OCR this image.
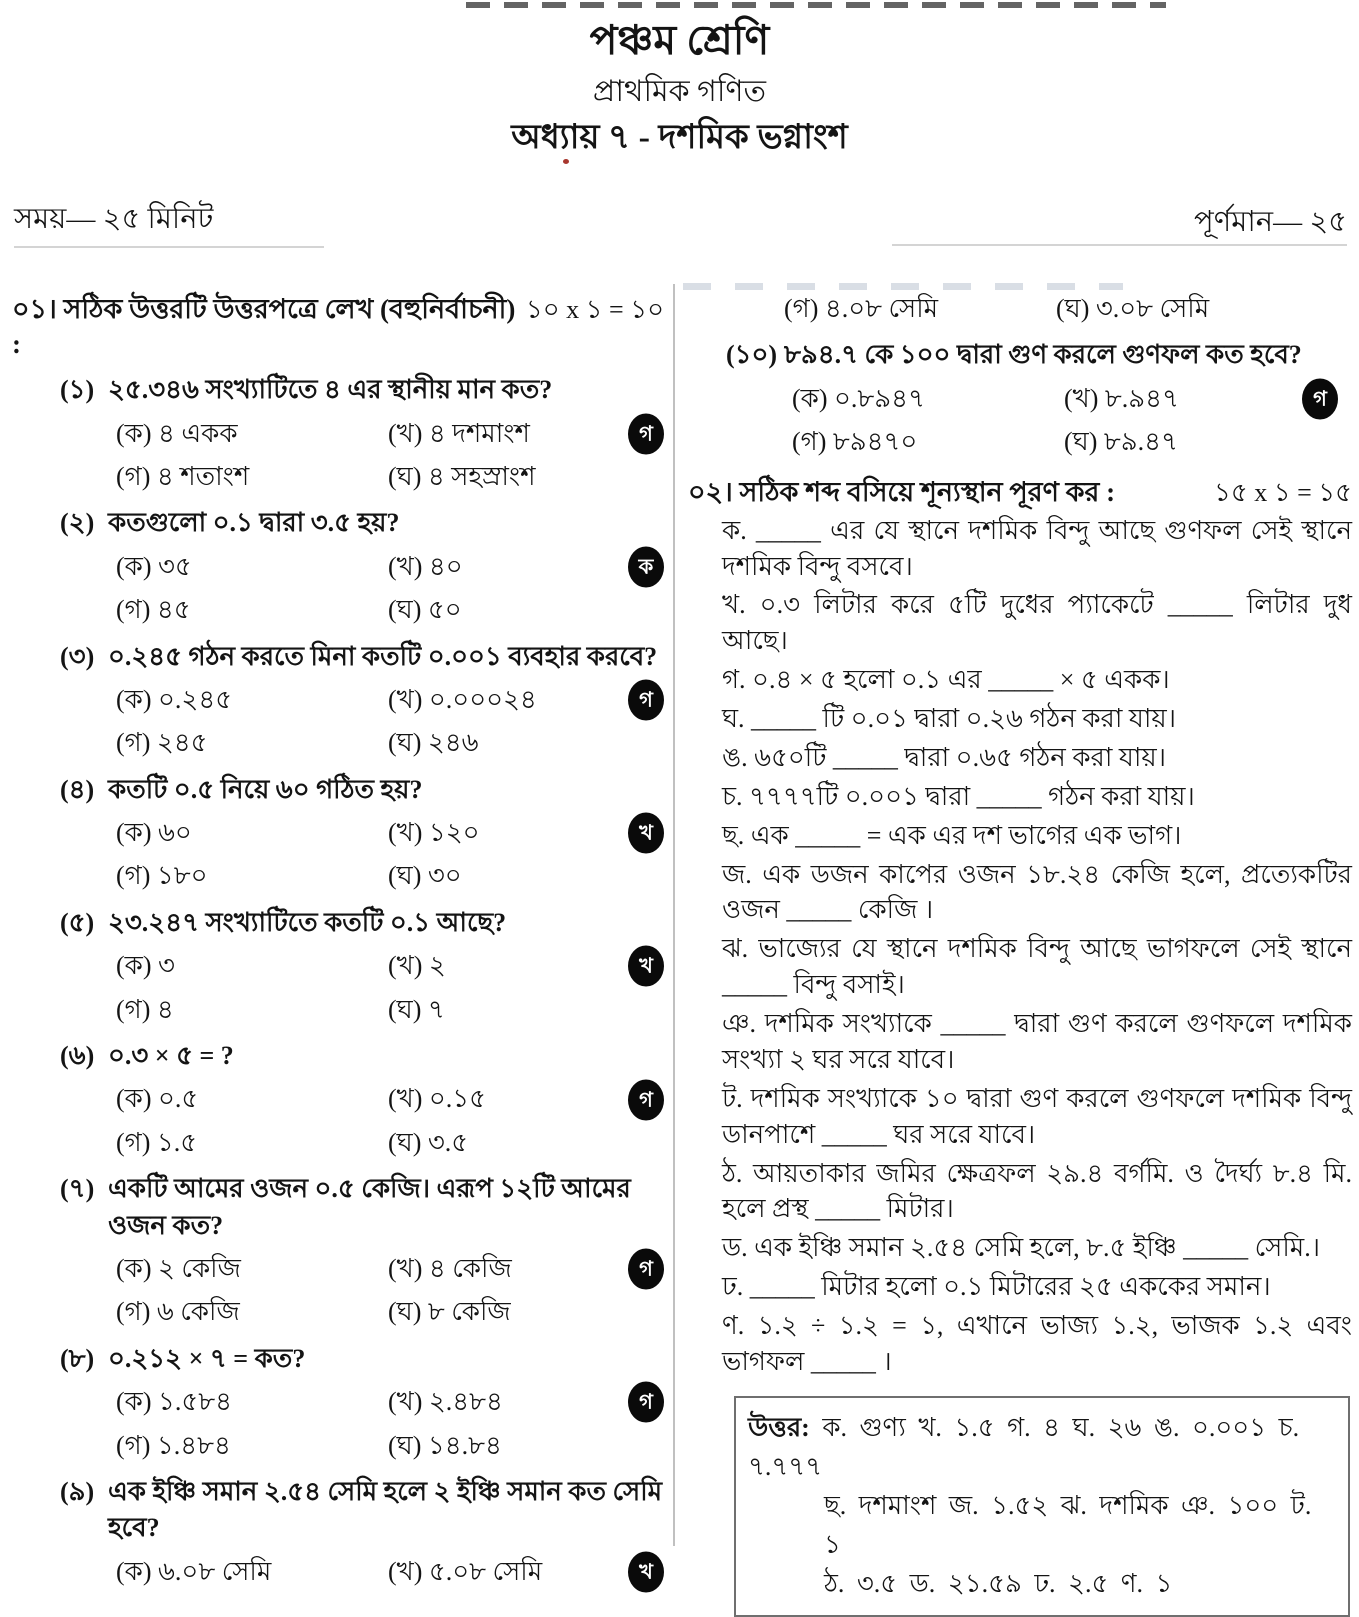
পঞ্চম শ্রেণি
প্রাথমিক গণিত
অধ্যায় ৭ - দশমিক ভগ্নাংশ
সময়— ২৫ মিনিট	পূর্ণমান— ২৫
০১। সঠিক উত্তরটি উত্তরপত্রে লেখ (বহুনির্বাচনী) :
১০ x ১ = ১০
(১) ২৫.৩৪৬ সংখ্যাটিতে ৪ এর স্থানীয় মান কত?
(ক) ৪ একক	(খ) ৪ দশমাংশ	গ
(গ) ৪ শতাংশ	(ঘ) ৪ সহস্রাংশ
(২) কতগুলো ০.১ দ্বারা ৩.৫ হয়?
(ক) ৩৫	(খ) ৪০	ক
(গ) ৪৫	(ঘ) ৫০
(৩) ০.২৪৫ গঠন করতে মিনা কতটি ০.০০১ ব্যবহার করবে?
(ক) ০.২৪৫	(খ) ০.০০০২৪	গ
(গ) ২৪৫	(ঘ) ২৪৬
(৪) কতটি ০.৫ নিয়ে ৬০ গঠিত হয়?
(ক) ৬০	(খ) ১২০	খ
(গ) ১৮০	(ঘ) ৩০
(৫) ২৩.২৪৭ সংখ্যাটিতে কতটি ০.১ আছে?
(ক) ৩	(খ) ২	খ
(গ) ৪	(ঘ) ৭
(৬) ০.৩ × ৫ = ?
(ক) ০.৫	(খ) ০.১৫	গ
(গ) ১.৫	(ঘ) ৩.৫
(৭) একটি আমের ওজন ০.৫ কেজি। এরূপ ১২টি আমের ওজন কত?
(ক) ২ কেজি	(খ) ৪ কেজি	গ
(গ) ৬ কেজি	(ঘ) ৮ কেজি
(৮) ০.২১২ × ৭ = কত?
(ক) ১.৫৮৪	(খ) ২.৪৮৪	গ
(গ) ১.৪৮৪	(ঘ) ১৪.৮৪
(৯) এক ইঞ্চি সমান ২.৫৪ সেমি হলে ২ ইঞ্চি সমান কত সেমি হবে?
(ক) ৬.০৮ সেমি	(খ) ৫.০৮ সেমি	খ
(গ) ৪.০৮ সেমি	(ঘ) ৩.০৮ সেমি
(১০) ৮৯৪.৭ কে ১০০ দ্বারা গুণ করলে গুণফল কত হবে?
(ক) ০.৮৯৪৭	(খ) ৮.৯৪৭	গ
(গ) ৮৯৪৭০	(ঘ) ৮৯.৪৭
০২। সঠিক শব্দ বসিয়ে শূন্যস্থান পূরণ কর :	১৫ x ১ = ১৫
ক. _____ এর যে স্থানে দশমিক বিন্দু আছে গুণফল সেই স্থানে দশমিক বিন্দু বসবে।
খ. ০.৩ লিটার করে ৫টি দুধের প্যাকেটে _____ লিটার দুধ আছে।
গ. ০.৪ × ৫ হলো ০.১ এর _____ × ৫ একক।
ঘ. _____ টি ০.০১ দ্বারা ০.২৬ গঠন করা যায়।
ঙ. ৬৫০টি _____ দ্বারা ০.৬৫ গঠন করা যায়।
চ. ৭৭৭৭টি ০.০০১ দ্বারা _____ গঠন করা যায়।
ছ. এক _____ = এক এর দশ ভাগের এক ভাগ।
জ. এক ডজন কাপের ওজন ১৮.২৪ কেজি হলে, প্রত্যেকটির ওজন _____ কেজি ।
ঝ. ভাজ্যের যে স্থানে দশমিক বিন্দু আছে ভাগফলে সেই স্থানে _____ বিন্দু বসাই।
ঞ. দশমিক সংখ্যাকে _____ দ্বারা গুণ করলে গুণফলে দশমিক সংখ্যা ২ ঘর সরে যাবে।
ট. দশমিক সংখ্যাকে ১০ দ্বারা গুণ করলে গুণফলে দশমিক বিন্দু ডানপাশে _____ ঘর সরে যাবে।
ঠ. আয়তাকার জমির ক্ষেত্রফল ২৯.৪ বর্গমি. ও দৈর্ঘ্য ৮.৪ মি. হলে প্রস্থ _____ মিটার।
ড. এক ইঞ্চি সমান ২.৫৪ সেমি হলে, ৮.৫ ইঞ্চি _____ সেমি.।
ঢ. _____ মিটার হলো ০.১ মিটারের ২৫ এককের সমান।
ণ. ১.২ ÷ ১.২ = ১, এখানে ভাজ্য ১.২, ভাজক ১.২ এবং ভাগফল _____ ।
উত্তর: ক. গুণ্য খ. ১.৫ গ. ৪ ঘ. ২৬ ঙ. ০.০০১ চ. ৭.৭৭৭
ছ. দশমাংশ জ. ১.৫২ ঝ. দশমিক ঞ. ১০০ ট. ১
ঠ. ৩.৫ ড. ২১.৫৯ ঢ. ২.৫ ণ. ১
